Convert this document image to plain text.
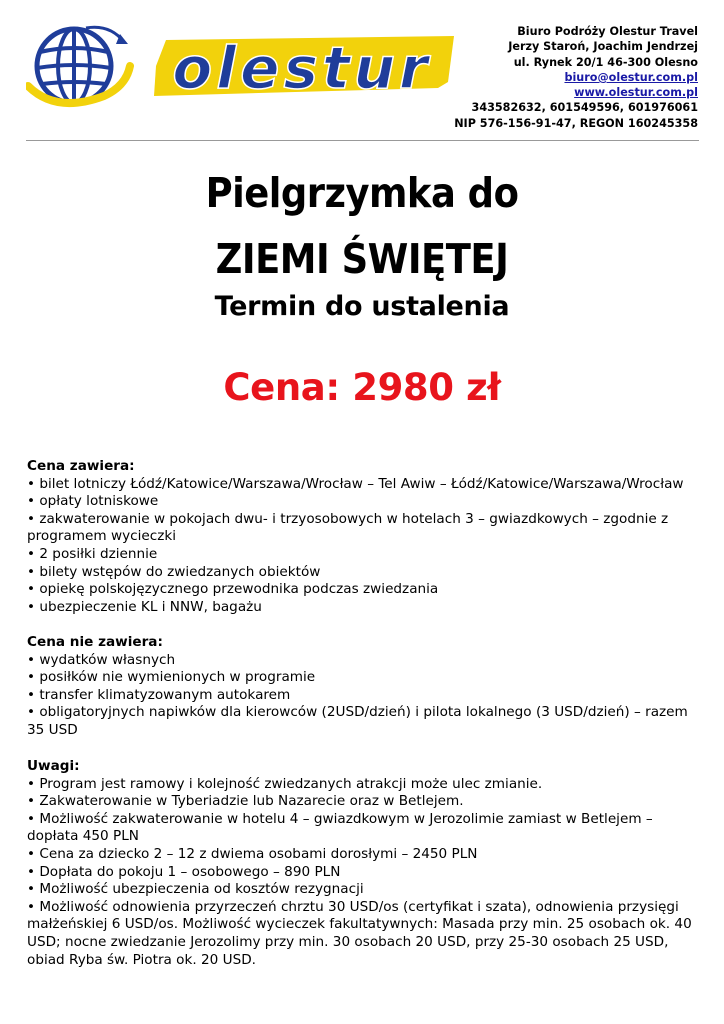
olestur
Biuro Podróży Olestur Travel
Jerzy Staroń, Joachim Jendrzej
ul. Rynek 20/1 46-300 Olesno
biuro@olestur.com.pl
www.olestur.com.pl
343582632, 601549596, 601976061
NIP 576-156-91-47, REGON 160245358
Pielgrzymka do
ZIEMI ŚWIĘTEJ
Termin do ustalenia
Cena: 2980 zł
Cena zawiera:
• bilet lotniczy Łódź/Katowice/Warszawa/Wrocław – Tel Awiw – Łódź/Katowice/Warszawa/Wrocław
• opłaty lotniskowe
• zakwaterowanie w pokojach dwu- i trzyosobowych w hotelach 3 – gwiazdkowych – zgodnie z programem wycieczki
• 2 posiłki dziennie
• bilety wstępów do zwiedzanych obiektów
• opiekę polskojęzycznego przewodnika podczas zwiedzania
• ubezpieczenie KL i NNW, bagażu
Cena nie zawiera:
• wydatków własnych
• posiłków nie wymienionych w programie
• transfer klimatyzowanym autokarem
• obligatoryjnych napiwków dla kierowców (2USD/dzień) i pilota lokalnego (3 USD/dzień) – razem 35 USD
Uwagi:
• Program jest ramowy i kolejność zwiedzanych atrakcji może ulec zmianie.
• Zakwaterowanie w Tyberiadzie lub Nazarecie oraz w Betlejem.
• Możliwość zakwaterowanie w hotelu 4 – gwiazdkowym w Jerozolimie zamiast w Betlejem – dopłata 450 PLN
• Cena za dziecko 2 – 12 z dwiema osobami dorosłymi – 2450 PLN
• Dopłata do pokoju 1 – osobowego – 890 PLN
• Możliwość ubezpieczenia od kosztów rezygnacji
• Możliwość odnowienia przyrzeczeń chrztu 30 USD/os (certyfikat i szata), odnowienia przysięgi małżeńskiej 6 USD/os. Możliwość wycieczek fakultatywnych: Masada przy min. 25 osobach ok. 40 USD; nocne zwiedzanie Jerozolimy przy min. 30 osobach 20 USD, przy 25-30 osobach 25 USD, obiad Ryba św. Piotra ok. 20 USD.
